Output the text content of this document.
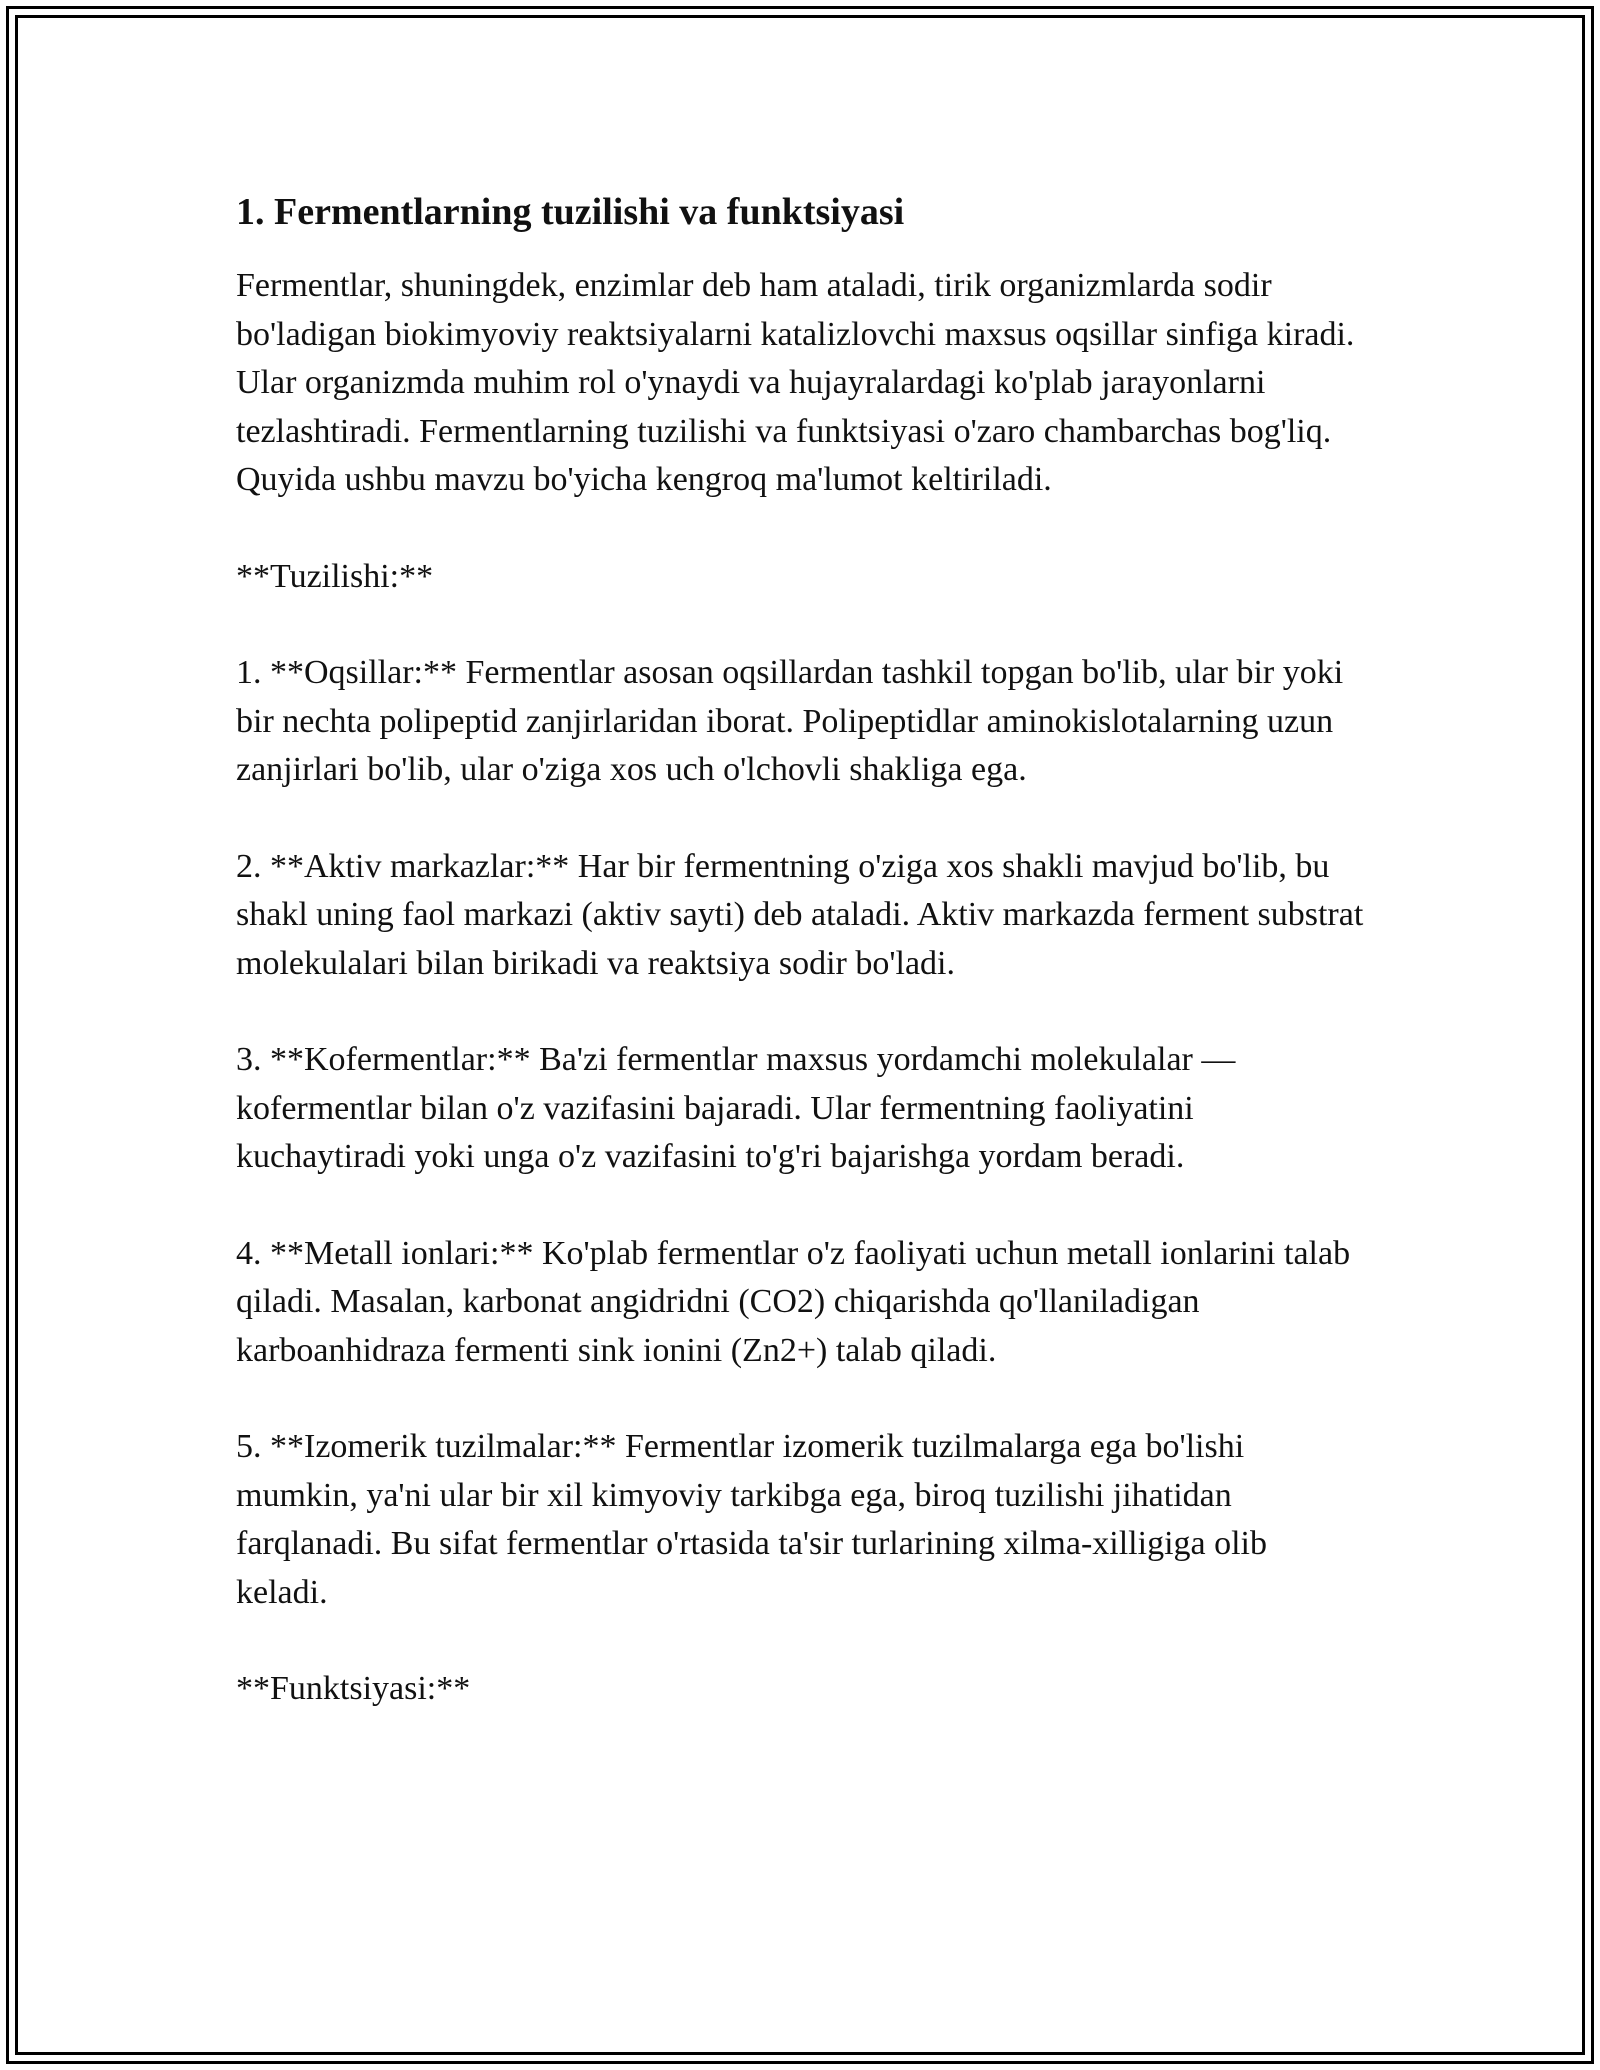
1. Fermentlarning tuzilishi va funktsiyasi

Fermentlar, shuningdek, enzimlar deb ham ataladi, tirik organizmlarda sodir bo'ladigan biokimyoviy reaktsiyalarni katalizlovchi maxsus oqsillar sinfiga kiradi. Ular organizmda muhim rol o'ynaydi va hujayralardagi ko'plab jarayonlarni tezlashtiradi. Fermentlarning tuzilishi va funktsiyasi o'zaro chambarchas bog'liq. Quyida ushbu mavzu bo'yicha kengroq ma'lumot keltiriladi.

**Tuzilishi:**

1. **Oqsillar:** Fermentlar asosan oqsillardan tashkil topgan bo'lib, ular bir yoki bir nechta polipeptid zanjirlaridan iborat. Polipeptidlar aminokislotalarning uzun zanjirlari bo'lib, ular o'ziga xos uch o'lchovli shakliga ega.

2. **Aktiv markazlar:** Har bir fermentning o'ziga xos shakli mavjud bo'lib, bu shakl uning faol markazi (aktiv sayti) deb ataladi. Aktiv markazda ferment substrat molekulalari bilan birikadi va reaktsiya sodir bo'ladi.

3. **Kofermentlar:** Ba'zi fermentlar maxsus yordamchi molekulalar — kofermentlar bilan o'z vazifasini bajaradi. Ular fermentning faoliyatini kuchaytiradi yoki unga o'z vazifasini to'g'ri bajarishga yordam beradi.

4. **Metall ionlari:** Ko'plab fermentlar o'z faoliyati uchun metall ionlarini talab qiladi. Masalan, karbonat angidridni (CO2) chiqarishda qo'llaniladigan karboanhidraza fermenti sink ionini (Zn2+) talab qiladi.

5. **Izomerik tuzilmalar:** Fermentlar izomerik tuzilmalarga ega bo'lishi mumkin, ya'ni ular bir xil kimyoviy tarkibga ega, biroq tuzilishi jihatidan farqlanadi. Bu sifat fermentlar o'rtasida ta'sir turlarining xilma-xilligiga olib keladi.

**Funktsiyasi:**
